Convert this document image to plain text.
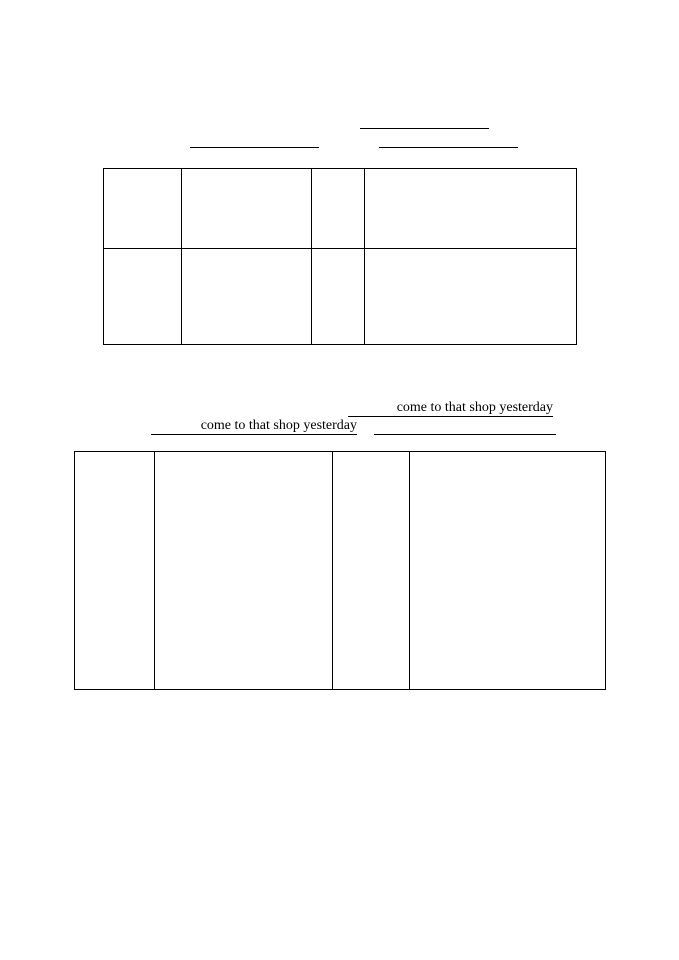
come to that shop yesterday
come to that shop yesterday
